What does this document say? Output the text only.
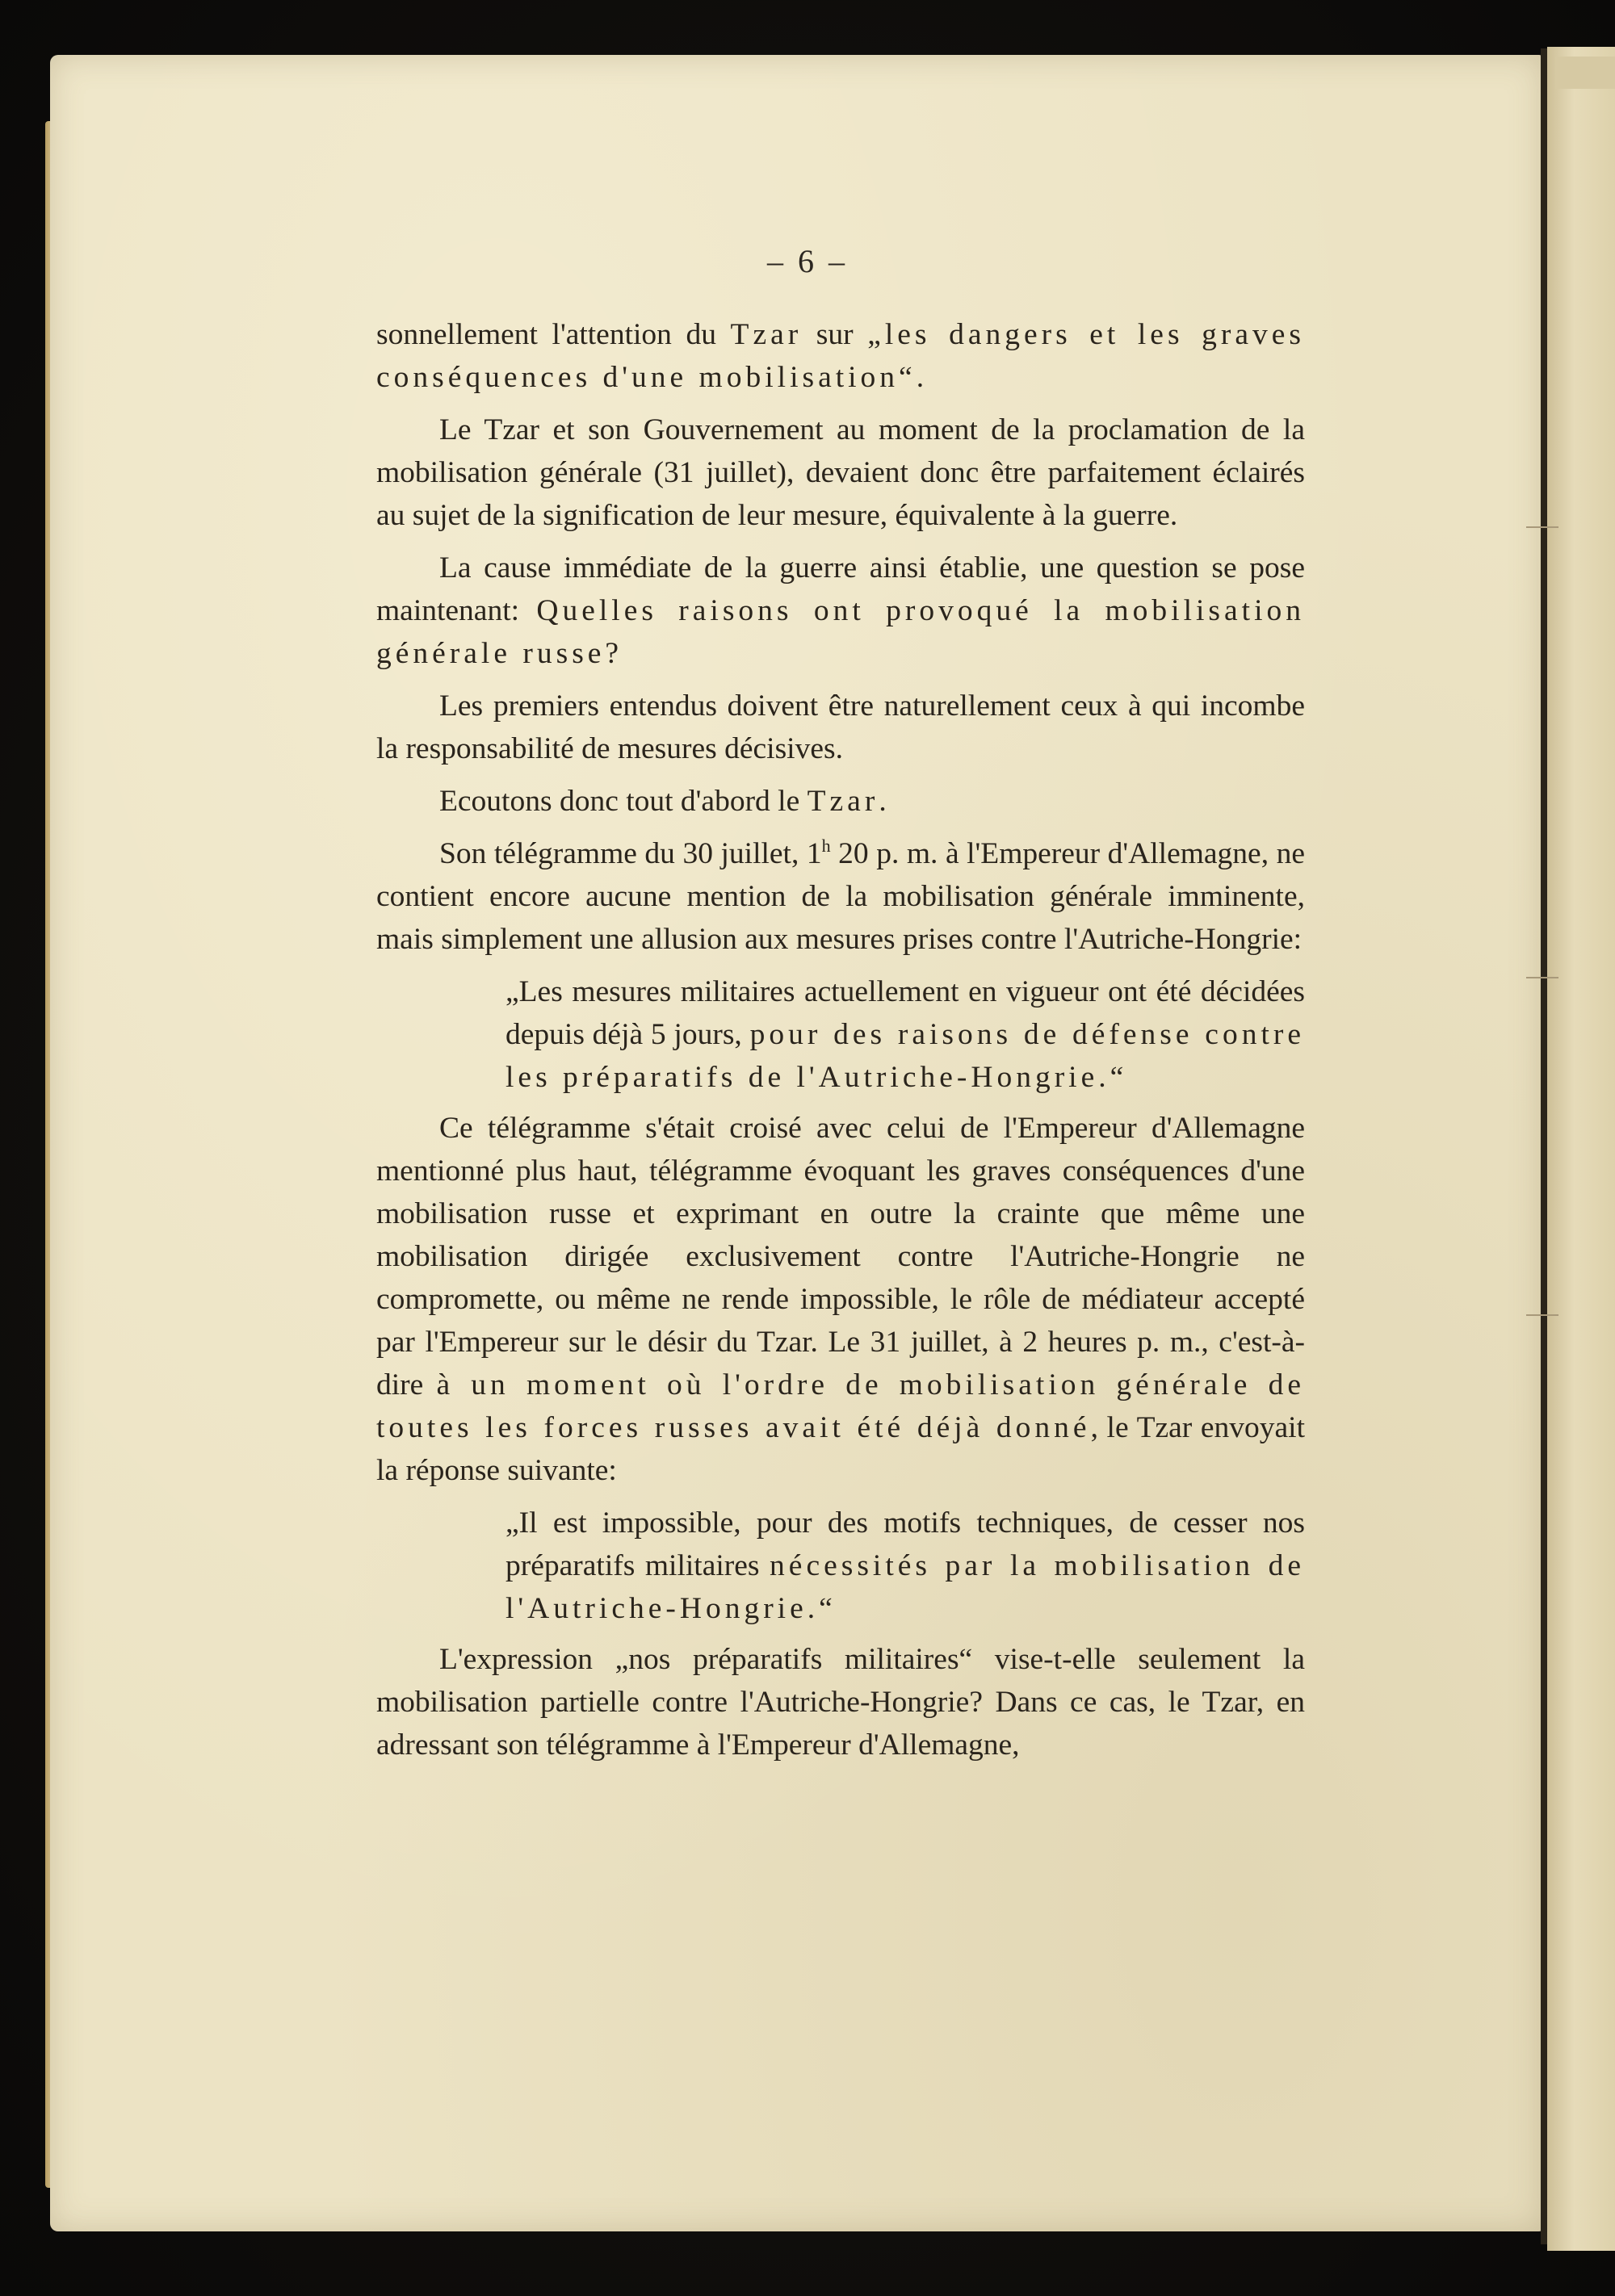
– 6 –

sonnellement l'attention du Tzar sur „les dangers et les graves conséquences d'une mobilisation“.

Le Tzar et son Gouvernement au moment de la proclamation de la mobilisation générale (31 juillet), devaient donc être parfaitement éclairés au sujet de la signification de leur mesure, équivalente à la guerre.

La cause immédiate de la guerre ainsi établie, une question se pose maintenant: Quelles raisons ont provoqué la mobilisation générale russe?

Les premiers entendus doivent être naturellement ceux à qui incombe la responsabilité de mesures décisives.

Ecoutons donc tout d'abord le Tzar.

Son télégramme du 30 juillet, 1$^h$ 20 p. m. à l'Empereur d'Allemagne, ne contient encore aucune mention de la mobilisation générale imminente, mais simplement une allusion aux mesures prises contre l'Autriche-Hongrie:

„Les mesures militaires actuellement en vigueur ont été décidées depuis déjà 5 jours, pour des raisons de défense contre les préparatifs de l'Autriche-Hongrie.“

Ce télégramme s'était croisé avec celui de l'Empereur d'Allemagne mentionné plus haut, télégramme évoquant les graves conséquences d'une mobilisation russe et exprimant en outre la crainte que même une mobilisation dirigée exclusivement contre l'Autriche-Hongrie ne compromette, ou même ne rende impossible, le rôle de médiateur accepté par l'Empereur sur le désir du Tzar. Le 31 juillet, à 2 heures p. m., c'est-à-dire à un moment où l'ordre de mobilisation générale de toutes les forces russes avait été déjà donné, le Tzar envoyait la réponse suivante:

„Il est impossible, pour des motifs techniques, de cesser nos préparatifs militaires nécessités par la mobilisation de l'Autriche-Hongrie.“

L'expression „nos préparatifs militaires“ vise-t-elle seulement la mobilisation partielle contre l'Autriche-Hongrie? Dans ce cas, le Tzar, en adressant son télégramme à l'Empereur d'Allemagne,
